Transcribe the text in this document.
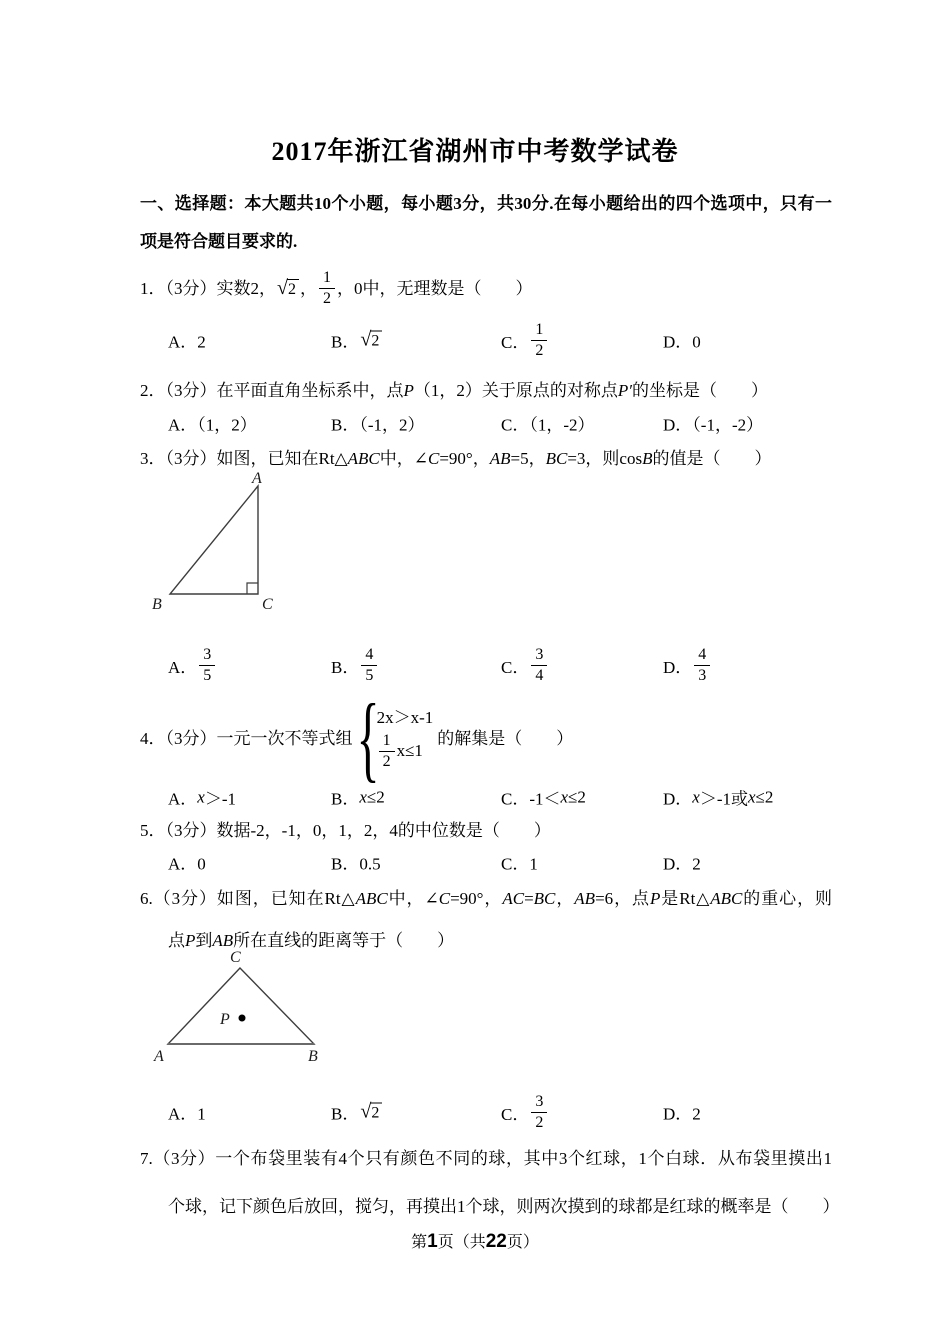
2017年浙江省湖州市中考数学试卷
一、选择题：本大题共10个小题，每小题3分，共30分.在每小题给出的四个选项中，只有一
项是符合题目要求的.
1．（3分）实数2， √ 2 ， $\frac{1}{2}$ ，0中，无理数是（　　）
A．2	B． √ 2	C． $\frac{1}{2}$	D．0
2．（3分）在平面直角坐标系中，点P（1，2）关于原点的对称点P′的坐标是（　　）
A．（1，2）	B．（-1，2）	C．（1，-2）	D．（-1，-2）
3．（3分）如图，已知在Rt△ABC中，∠C=90°，AB=5，BC=3，则cosB的值是（　　）
A
B	C
A． $\frac{3}{5}$	B． $\frac{4}{5}$	C． $\frac{3}{4}$	D． $\frac{4}{3}$
4．（3分）一元一次不等式组 {
2x＞x-1
$\frac{1}{2} x\le 1$
的解集是（　　）
A． x ＞-1	B． x ≤2	C．-1＜ x ≤2	D． x ＞-1或 x ≤2
5．（3分）数据-2，-1，0，1，2，4的中位数是（　　）
A．0	B．0.5	C．1	D．2
6.（3分）如图，已知在Rt△ABC中，∠C=90°，AC=BC，AB=6，点P是Rt△ABC的重心，则
点P到AB所在直线的距离等于（　　）
C
A	B
P
A．1	B． √ 2	C． $\frac{3}{2}$	D．2
7.（3分）一个布袋里装有4个只有颜色不同的球，其中3个红球，1个白球．从布袋里摸出1
个球，记下颜色后放回，搅匀，再摸出1个球，则两次摸到的球都是红球的概率是（　　）
第1页（共22页）
